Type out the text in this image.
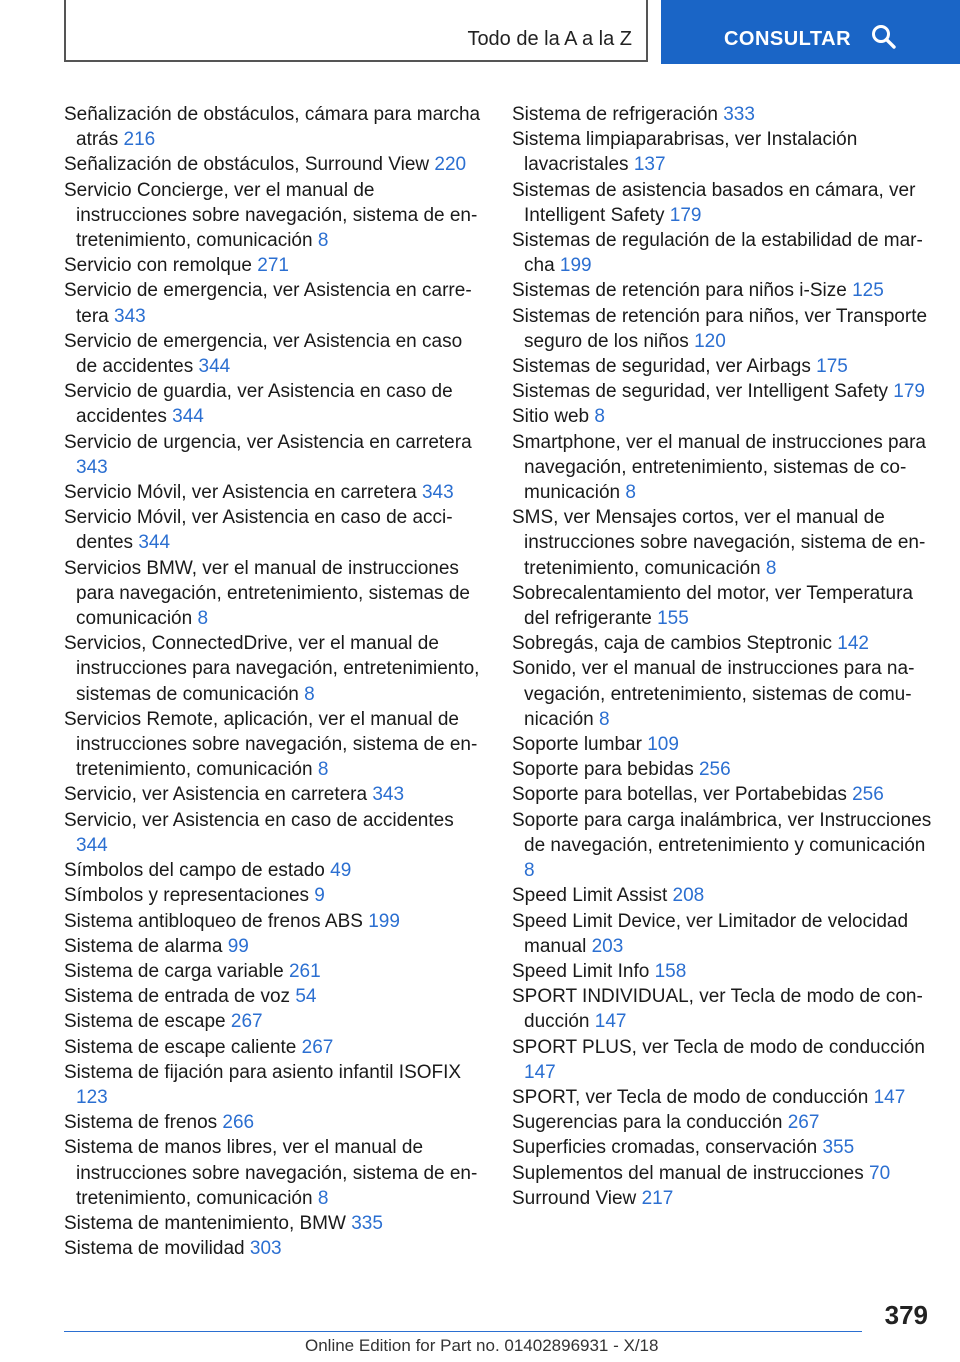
Todo de la A a la Z	CONSULTAR
Señalización de obstáculos, cámara para marcha atrás 216
Señalización de obstáculos, Surround View 220
Servicio Concierge, ver el manual de instrucciones sobre navegación, sistema de entretenimiento, comunicación 8
Servicio con remolque 271
Servicio de emergencia, ver Asistencia en carretera 343
Servicio de emergencia, ver Asistencia en caso de accidentes 344
Servicio de guardia, ver Asistencia en caso de accidentes 344
Servicio de urgencia, ver Asistencia en carretera 343
Servicio Móvil, ver Asistencia en carretera 343
Servicio Móvil, ver Asistencia en caso de accidentes 344
Servicios BMW, ver el manual de instrucciones para navegación, entretenimiento, sistemas de comunicación 8
Servicios, ConnectedDrive, ver el manual de instrucciones para navegación, entretenimiento, sistemas de comunicación 8
Servicios Remote, aplicación, ver el manual de instrucciones sobre navegación, sistema de entretenimiento, comunicación 8
Servicio, ver Asistencia en carretera 343
Servicio, ver Asistencia en caso de accidentes 344
Símbolos del campo de estado 49
Símbolos y representaciones 9
Sistema antibloqueo de frenos ABS 199
Sistema de alarma 99
Sistema de carga variable 261
Sistema de entrada de voz 54
Sistema de escape 267
Sistema de escape caliente 267
Sistema de fijación para asiento infantil ISOFIX 123
Sistema de frenos 266
Sistema de manos libres, ver el manual de instrucciones sobre navegación, sistema de entretenimiento, comunicación 8
Sistema de mantenimiento, BMW 335
Sistema de movilidad 303
Sistema de refrigeración 333
Sistema limpiaparabrisas, ver Instalación lavacristales 137
Sistemas de asistencia basados en cámara, ver Intelligent Safety 179
Sistemas de regulación de la estabilidad de marcha 199
Sistemas de retención para niños i-Size 125
Sistemas de retención para niños, ver Transporte seguro de los niños 120
Sistemas de seguridad, ver Airbags 175
Sistemas de seguridad, ver Intelligent Safety 179
Sitio web 8
Smartphone, ver el manual de instrucciones para navegación, entretenimiento, sistemas de comunicación 8
SMS, ver Mensajes cortos, ver el manual de instrucciones sobre navegación, sistema de entretenimiento, comunicación 8
Sobrecalentamiento del motor, ver Temperatura del refrigerante 155
Sobregás, caja de cambios Steptronic 142
Sonido, ver el manual de instrucciones para navegación, entretenimiento, sistemas de comunicación 8
Soporte lumbar 109
Soporte para bebidas 256
Soporte para botellas, ver Portabebidas 256
Soporte para carga inalámbrica, ver Instrucciones de navegación, entretenimiento y comunicación 8
Speed Limit Assist 208
Speed Limit Device, ver Limitador de velocidad manual 203
Speed Limit Info 158
SPORT INDIVIDUAL, ver Tecla de modo de conducción 147
SPORT PLUS, ver Tecla de modo de conducción 147
SPORT, ver Tecla de modo de conducción 147
Sugerencias para la conducción 267
Superficies cromadas, conservación 355
Suplementos del manual de instrucciones 70
Surround View 217
379
Online Edition for Part no. 01402896931 - X/18
